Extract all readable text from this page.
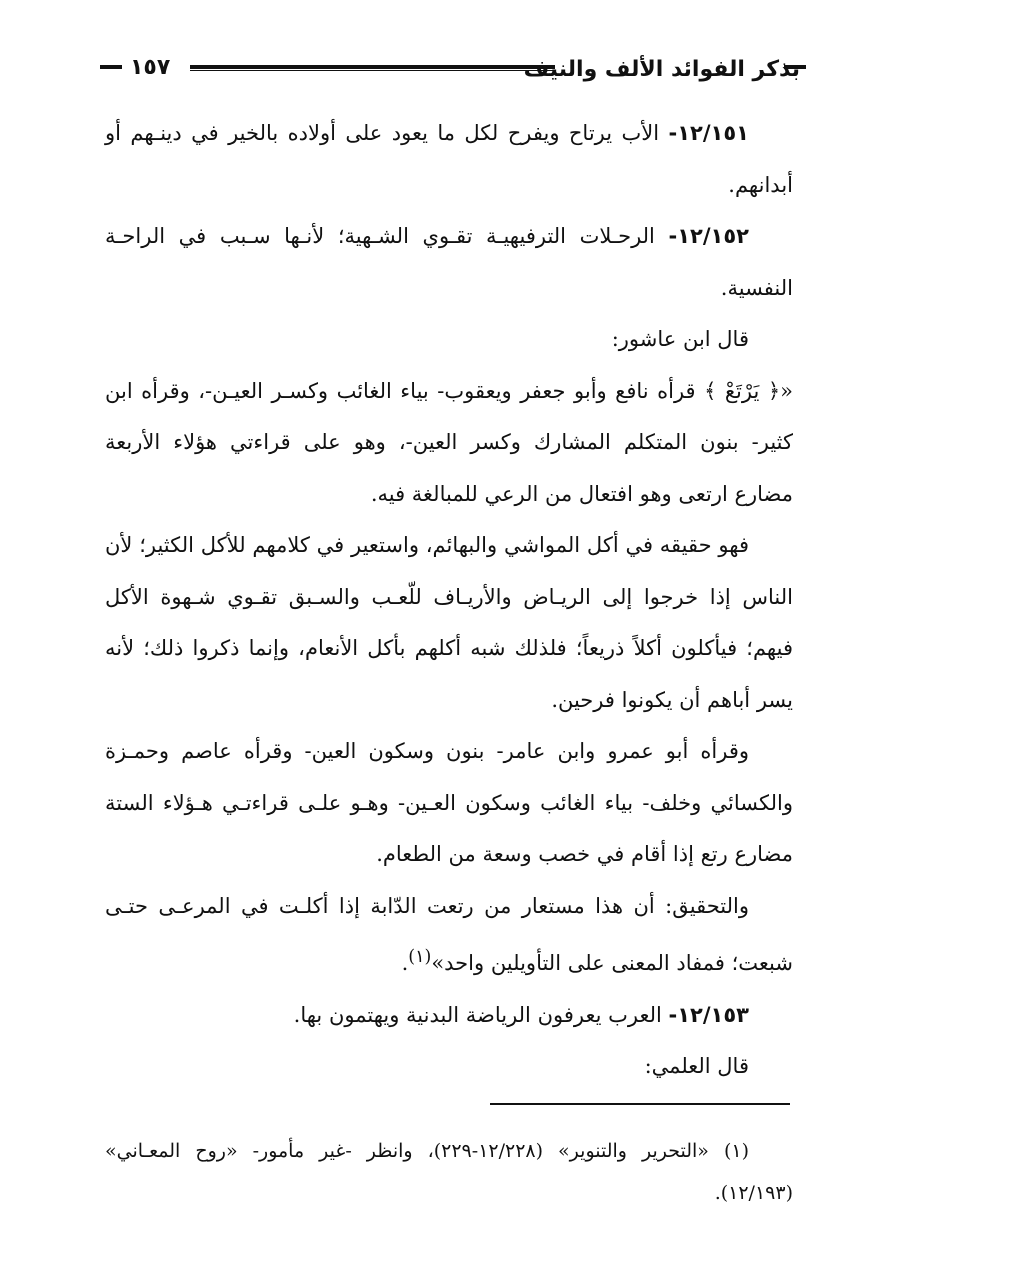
١٥٧	بذكر الفوائد الألف والنيف

١٢/١٥١- الأب يرتاح ويفرح لكل ما يعود على أولاده بالخير في دينـهم أو أبدانهم.

١٢/١٥٢- الرحـلات الترفيهيـة تقـوي الشـهية؛ لأنـها سـبب في الراحـة النفسية.

قال ابن عاشور:

«﴿ يَرْتَعْ ﴾ قرأه نافع وأبو جعفر ويعقوب- بياء الغائب وكسـر العيـن-، وقرأه ابن كثير- بنون المتكلم المشارك وكسر العين-، وهو على قراءتي هؤلاء الأربعة مضارع ارتعى وهو افتعال من الرعي للمبالغة فيه.

فهو حقيقه في أكل المواشي والبهائم، واستعير في كلامهم للأكل الكثير؛ لأن الناس إذا خرجوا إلى الريـاض والأريـاف للّعـب والسـبق تقـوي شـهوة الأكل فيهم؛ فيأكلون أكلاً ذريعاً؛ فلذلك شبه أكلهم بأكل الأنعام، وإنما ذكروا ذلك؛ لأنه يسر أباهم أن يكونوا فرحين.

وقرأه أبو عمرو وابن عامر- بنون وسكون العين- وقرأه عاصم وحمـزة والكسائي وخلف- بياء الغائب وسكون العـين- وهـو علـى قراءتـي هـؤلاء الستة مضارع رتع إذا أقام في خصب وسعة من الطعام.

والتحقيق: أن هذا مستعار من رتعت الدّابة إذا أكلـت في المرعـى حتـى شبعت؛ فمفاد المعنى على التأويلين واحد»$^{(١)}$.

١٢/١٥٣- العرب يعرفون الرياضة البدنية ويهتمون بها.

قال العلمي:

(١) «التحرير والتنوير» (١٢/٢٢٨-٢٢٩)، وانظر -غير مأمور- «روح المعـاني» (١٢/١٩٣).
